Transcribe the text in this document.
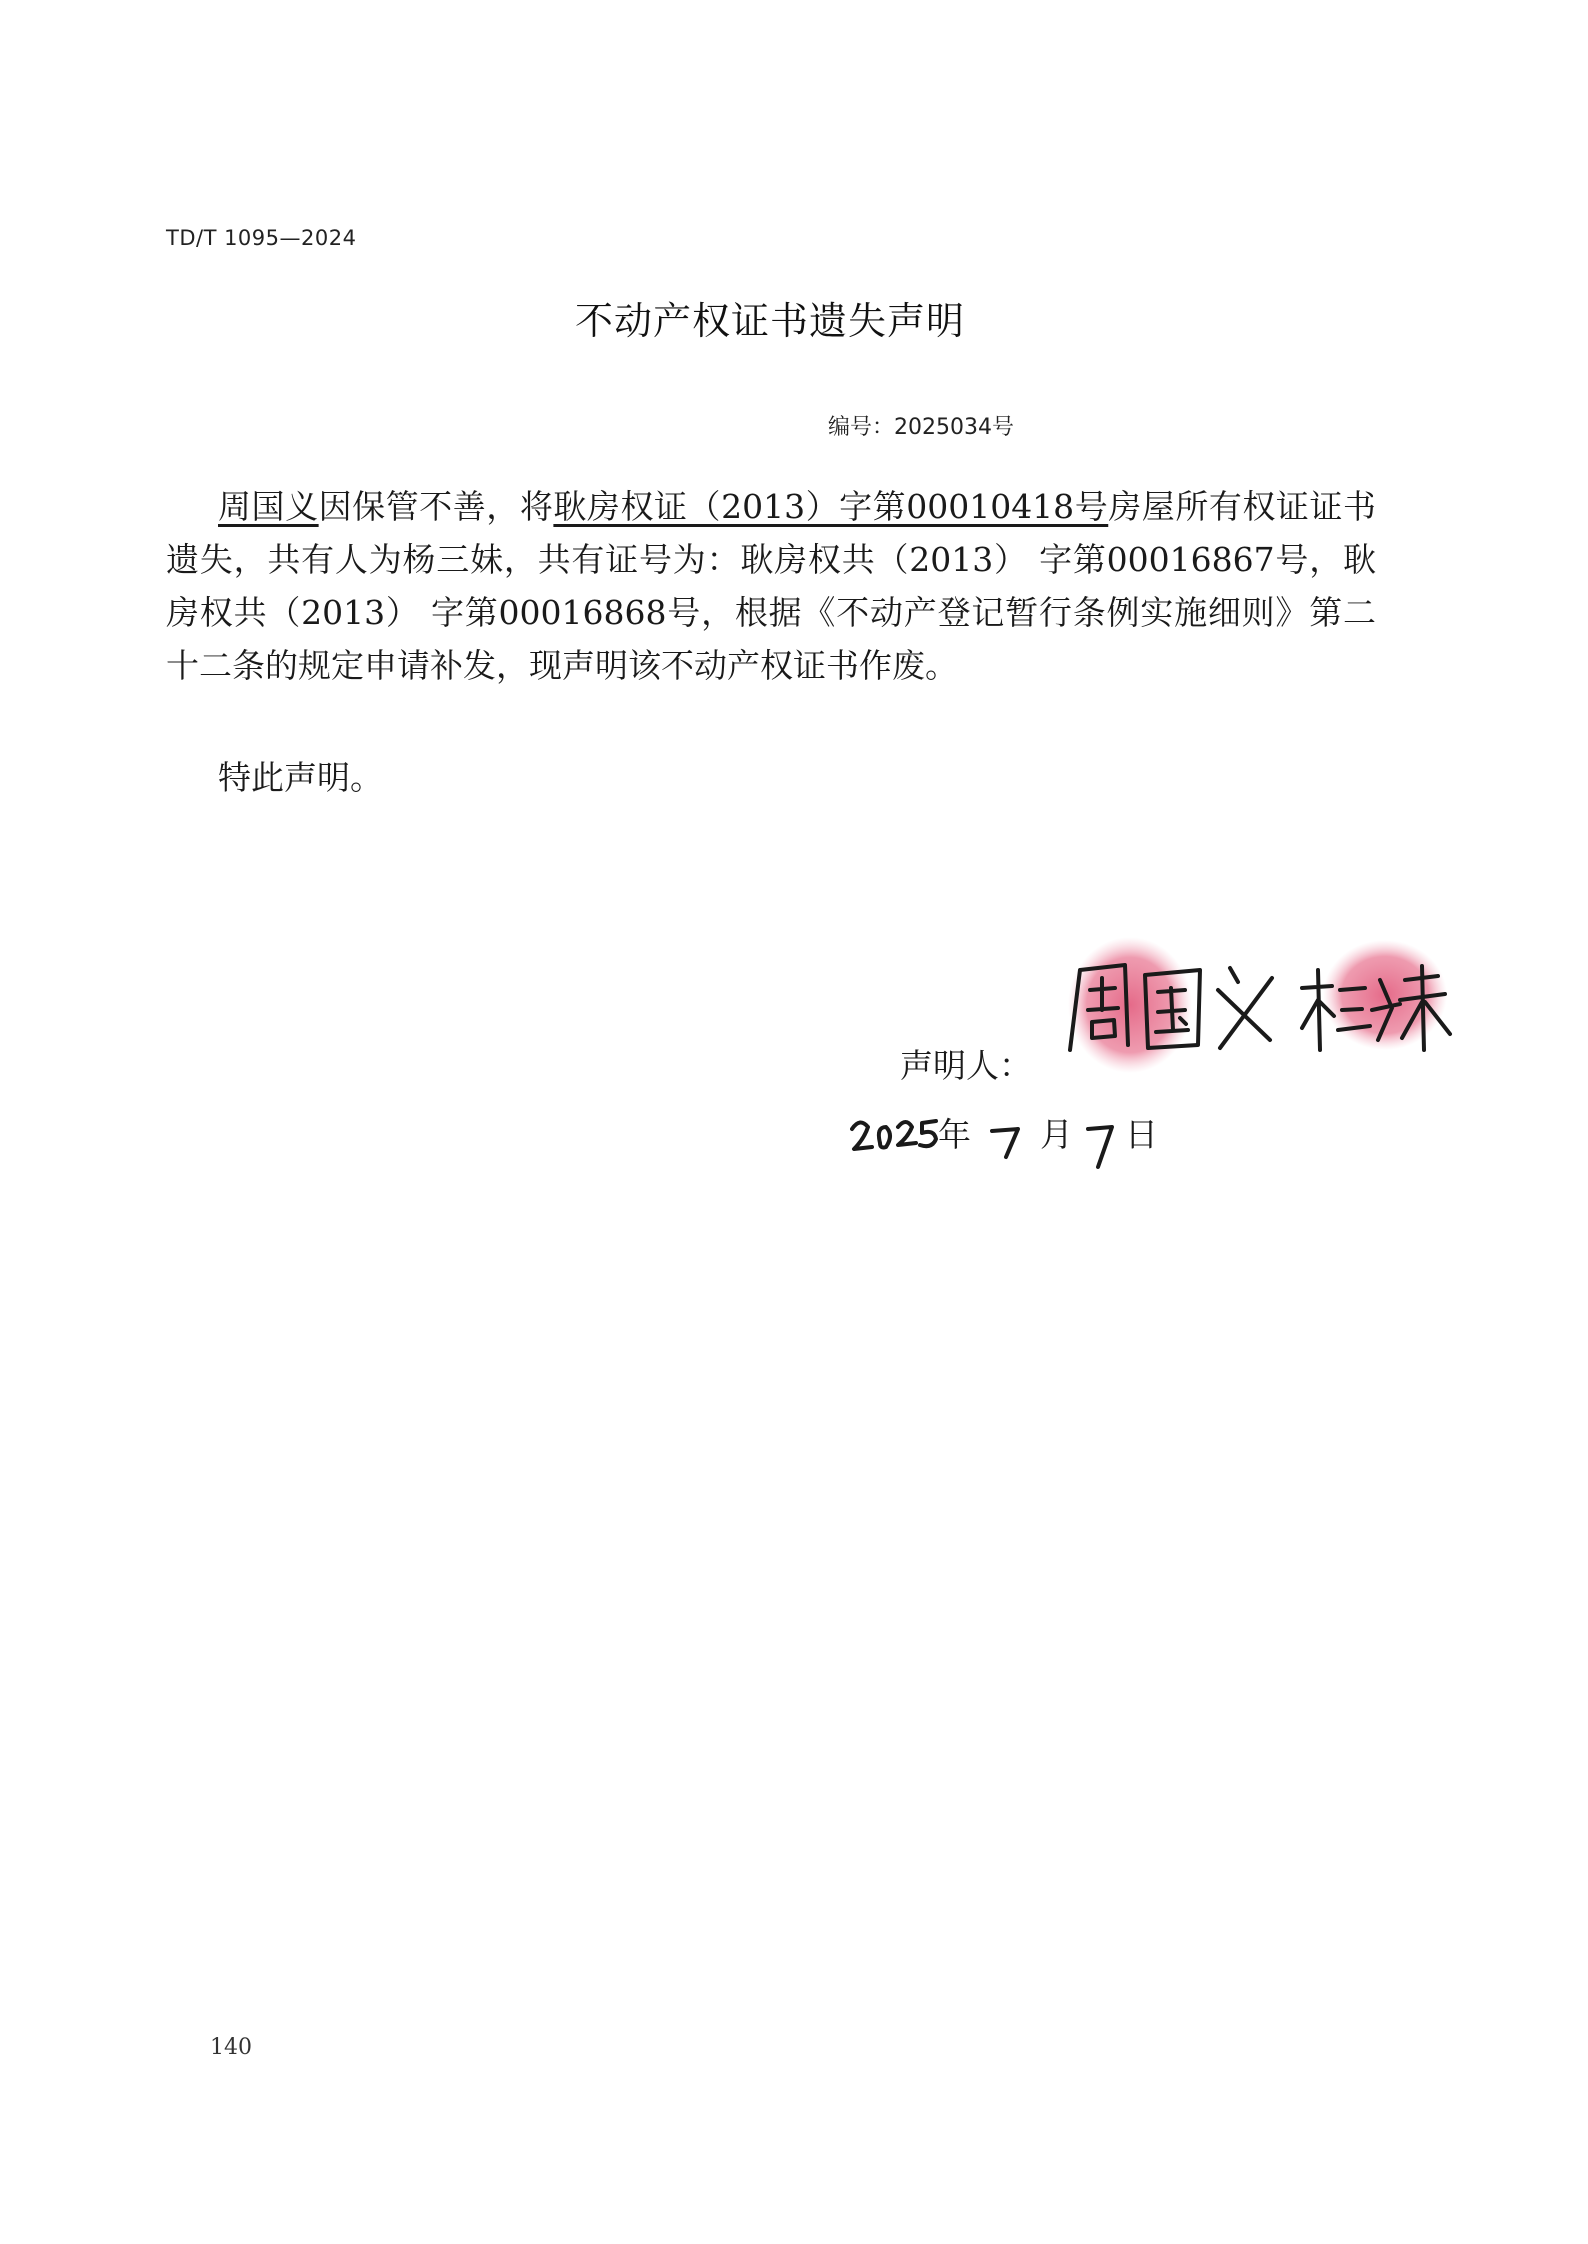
TD/T 1095—2024
不动产权证书遗失声明
编号：2025034号
周国义因保管不善，将耿房权证（2013）字第00010418号房屋所有权证证书遗失，共有人为杨三妹，共有证号为：耿房权共（2013） 字第00016867号，耿房权共（2013） 字第00016868号，根据《不动产登记暂行条例实施细则》第二十二条的规定申请补发，现声明该不动产权证书作废。
特此声明。
声明人：
年 月 日
140
